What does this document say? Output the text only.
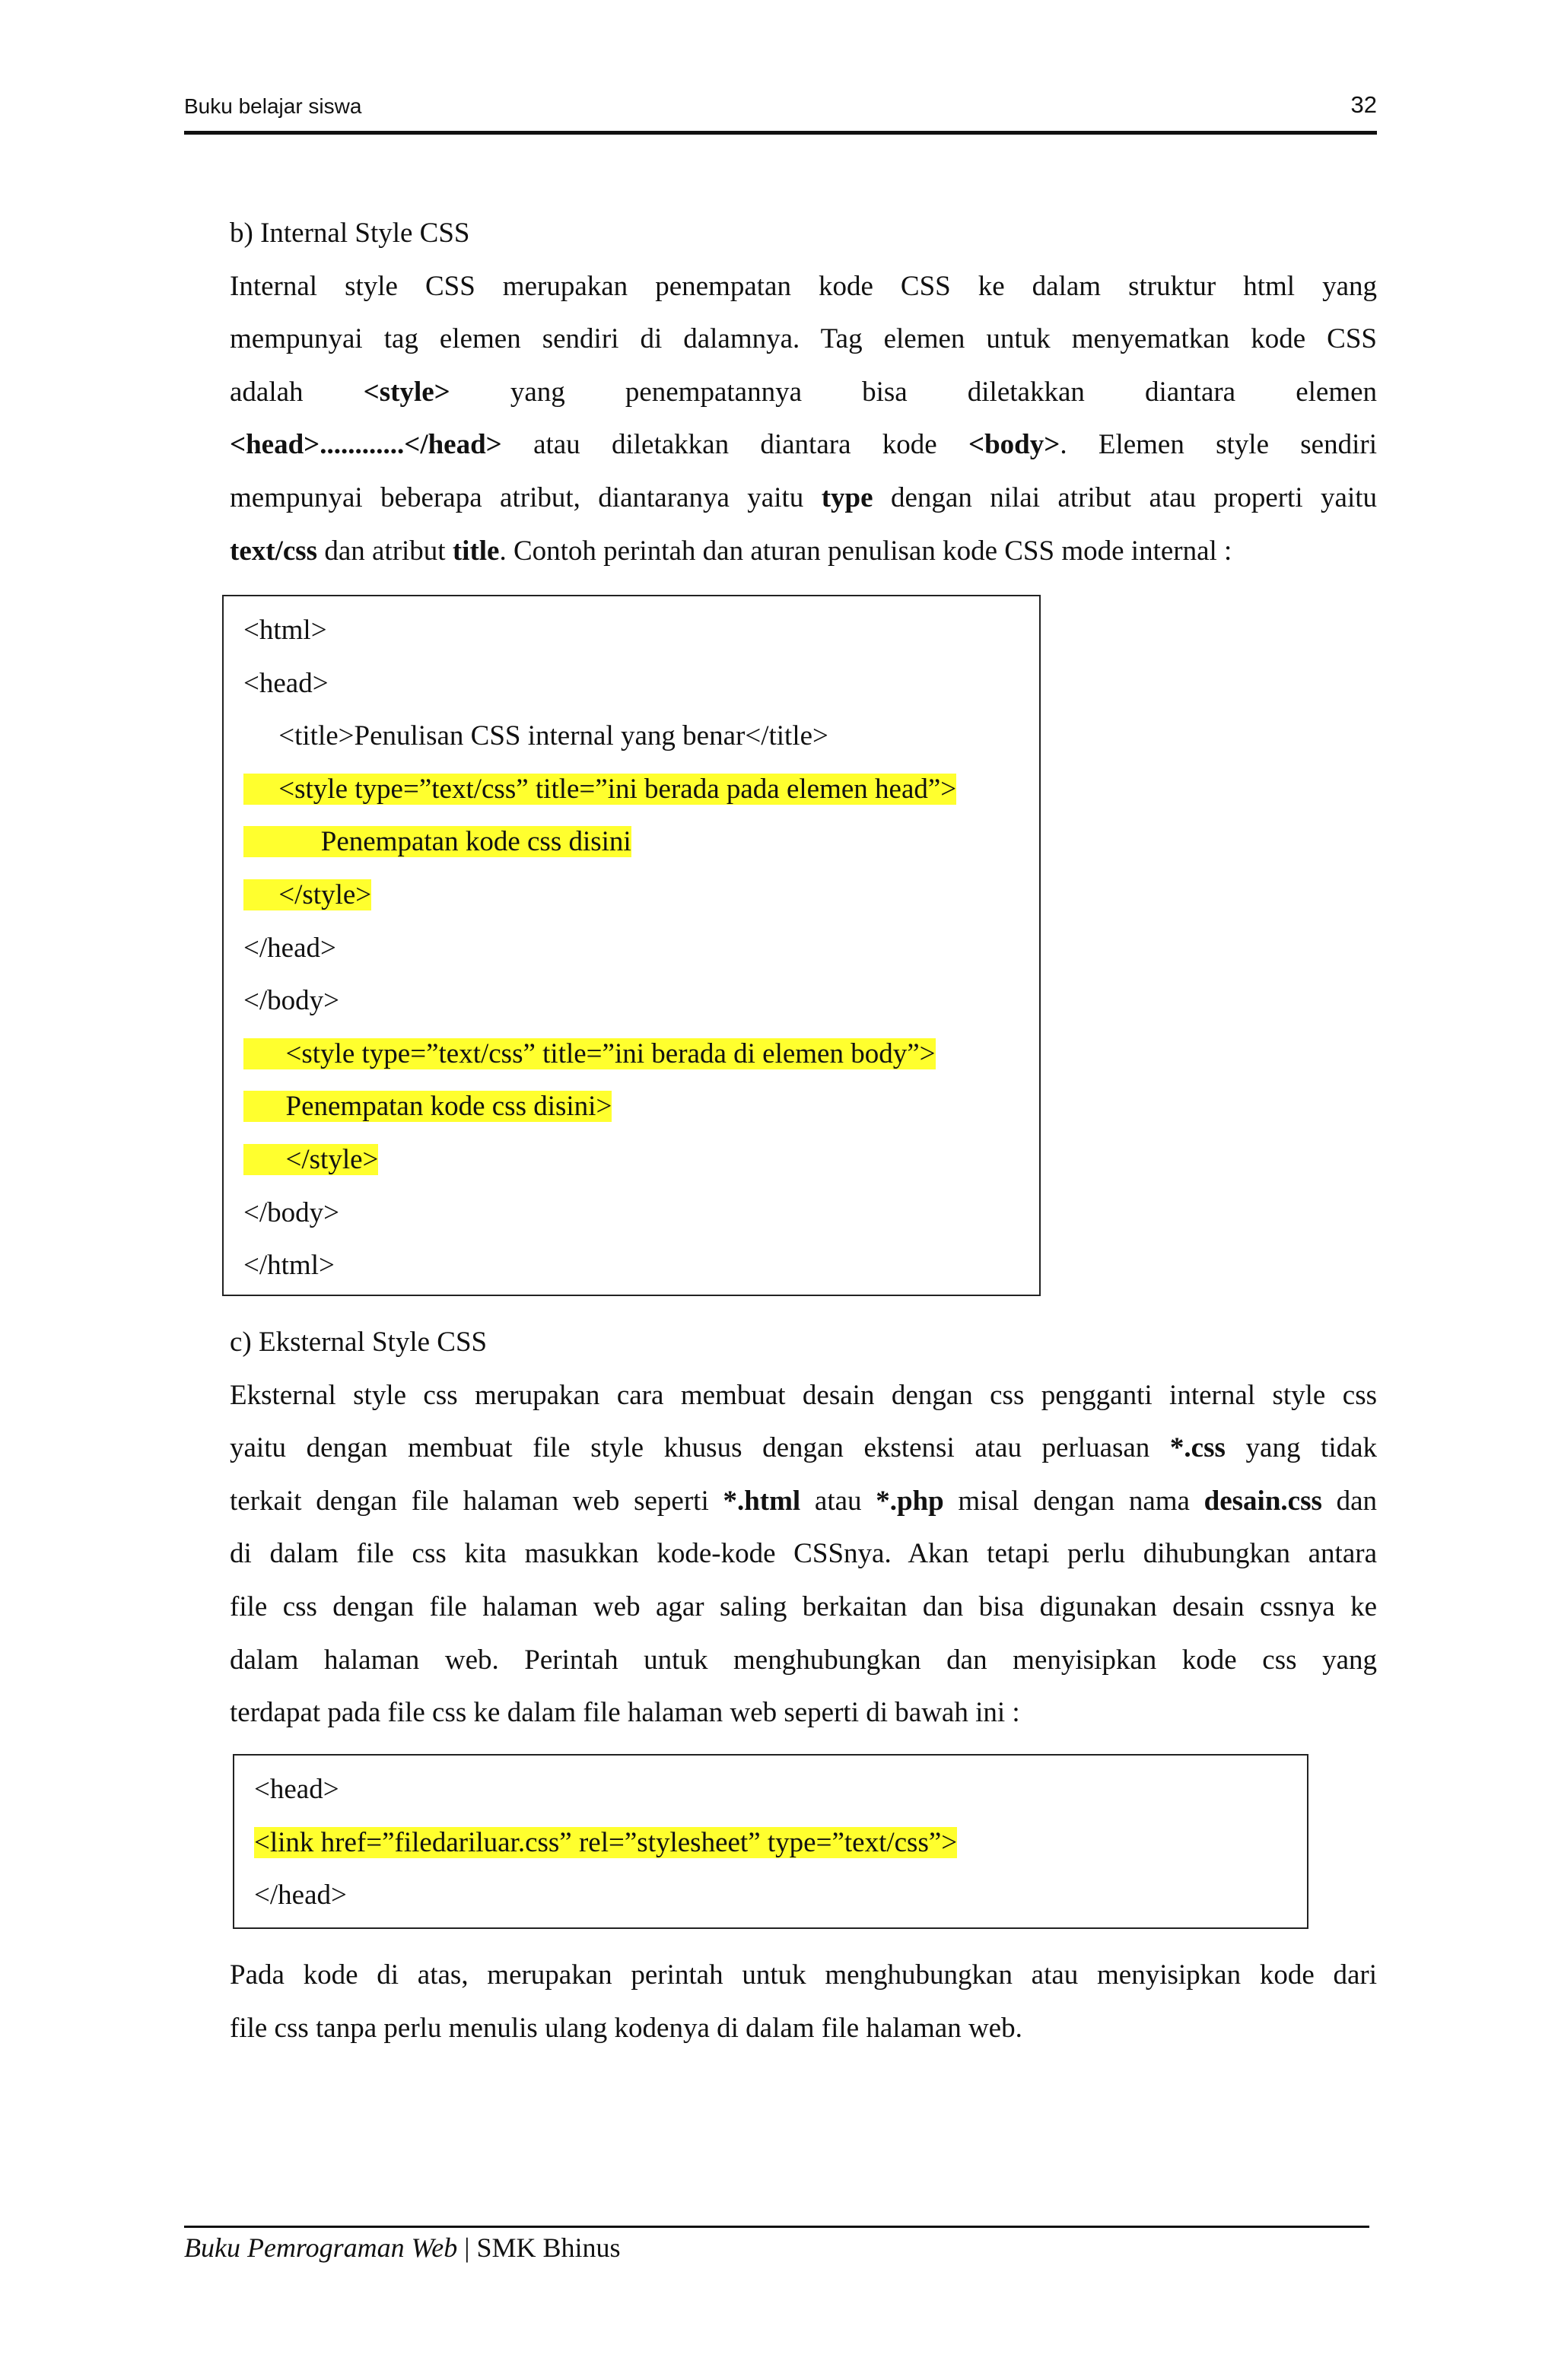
Buku belajar siswa	32
b) Internal Style CSS
Internal style CSS merupakan penempatan kode CSS ke dalam struktur html yang
mempunyai tag elemen sendiri di dalamnya. Tag elemen untuk menyematkan kode CSS
adalah <style> yang penempatannya bisa diletakkan diantara elemen
<head>............</head> atau diletakkan diantara kode <body>. Elemen style sendiri
mempunyai beberapa atribut, diantaranya yaitu type dengan nilai atribut atau properti yaitu
text/css dan atribut title. Contoh perintah dan aturan penulisan kode CSS mode internal :
<html>
<head>
<title>Penulisan CSS internal yang benar</title>
<style type=”text/css” title=”ini berada pada elemen head”>
Penempatan kode css disini
</style>
</head>
</body>
<style type=”text/css” title=”ini berada di elemen body”>
Penempatan kode css disini>
</style>
</body>
</html>
c) Eksternal Style CSS
Eksternal style css merupakan cara membuat desain dengan css pengganti internal style css
yaitu dengan membuat file style khusus dengan ekstensi atau perluasan *.css yang tidak
terkait dengan file halaman web seperti *.html atau *.php misal dengan nama desain.css dan
di dalam file css kita masukkan kode-kode CSSnya. Akan tetapi perlu dihubungkan antara
file css dengan file halaman web agar saling berkaitan dan bisa digunakan desain cssnya ke
dalam halaman web. Perintah untuk menghubungkan dan menyisipkan kode css yang
terdapat pada file css ke dalam file halaman web seperti di bawah ini :
<head>
<link href=”filedariluar.css” rel=”stylesheet” type=”text/css”>
</head>
Pada kode di atas, merupakan perintah untuk menghubungkan atau menyisipkan kode dari
file css tanpa perlu menulis ulang kodenya di dalam file halaman web.
Buku Pemrograman Web | SMK Bhinus
